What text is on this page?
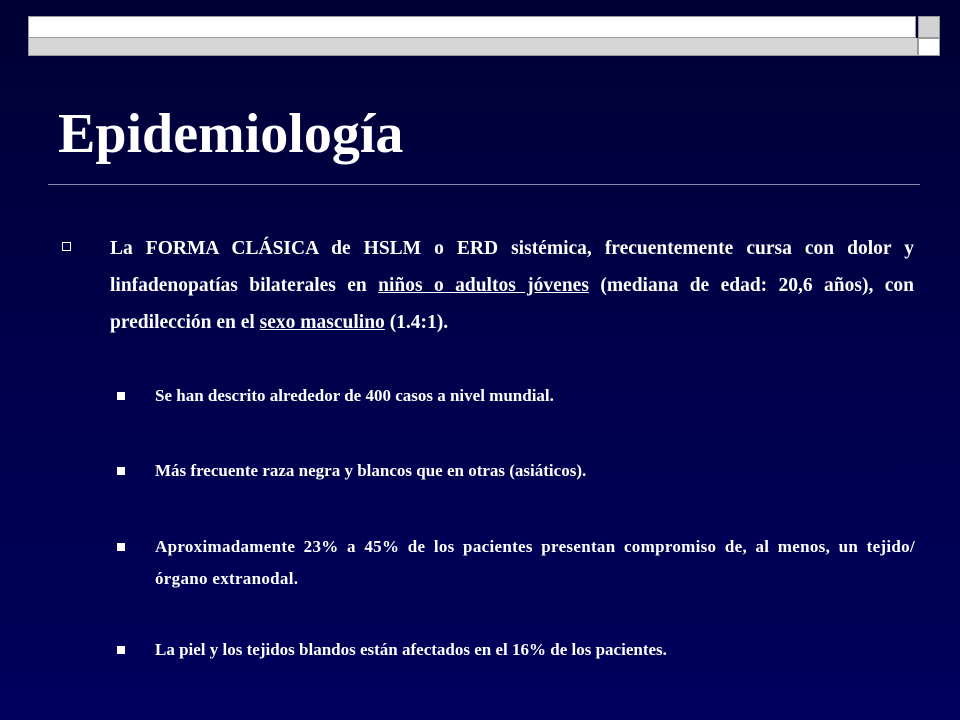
Epidemiología
La FORMA CLÁSICA de HSLM o ERD sistémica, frecuentemente cursa con dolor y linfadenopatías bilaterales en niños o adultos jóvenes (mediana de edad: 20,6 años), con predilección en el sexo masculino (1.4:1).
Se han descrito alrededor de 400 casos a nivel mundial.
Más frecuente raza negra y blancos que en otras (asiáticos).
Aproximadamente 23% a 45% de los pacientes presentan compromiso de, al menos, un tejido/órgano extranodal.
La piel y los tejidos blandos están afectados en el 16% de los pacientes.
